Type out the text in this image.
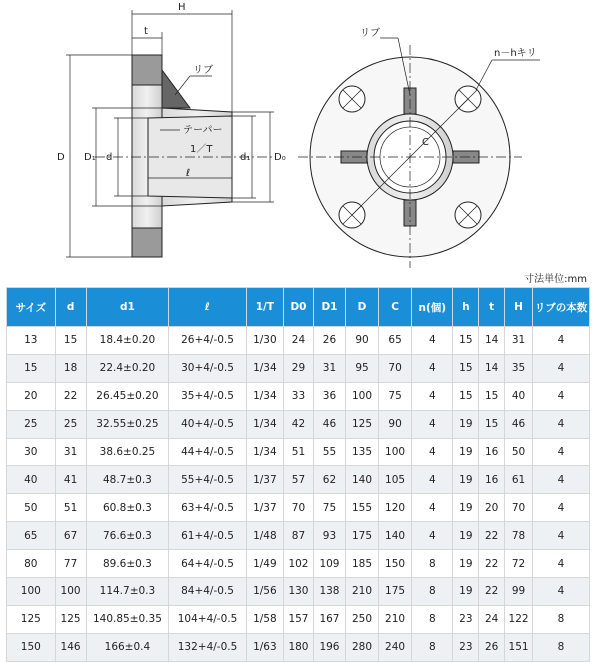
H
t
リブ
テーパー
1／T
ℓ
D D₁ d	d₁ D₀
リブ
n－hキリ
C
寸法単位:mm
サイズ	d	d1	ℓ	1/T	D0	D1	D	C	n(個)	h	t	H	リブの本数
13	15	18.4±0.20	26+4/-0.5	1/30	24	26	90	65	4	15	14	31	4
15	18	22.4±0.20	30+4/-0.5	1/34	29	31	95	70	4	15	14	35	4
20	22	26.45±0.20	35+4/-0.5	1/34	33	36	100	75	4	15	15	40	4
25	25	32.55±0.25	40+4/-0.5	1/34	42	46	125	90	4	19	15	46	4
30	31	38.6±0.25	44+4/-0.5	1/34	51	55	135	100	4	19	16	50	4
40	41	48.7±0.3	55+4/-0.5	1/37	57	62	140	105	4	19	16	61	4
50	51	60.8±0.3	63+4/-0.5	1/37	70	75	155	120	4	19	20	70	4
65	67	76.6±0.3	61+4/-0.5	1/48	87	93	175	140	4	19	22	78	4
80	77	89.6±0.3	64+4/-0.5	1/49	102	109	185	150	8	19	22	72	4
100	100	114.7±0.3	84+4/-0.5	1/56	130	138	210	175	8	19	22	99	4
125	125	140.85±0.35	104+4/-0.5	1/58	157	167	250	210	8	23	24	122	8
150	146	166±0.4	132+4/-0.5	1/63	180	196	280	240	8	23	26	151	8
